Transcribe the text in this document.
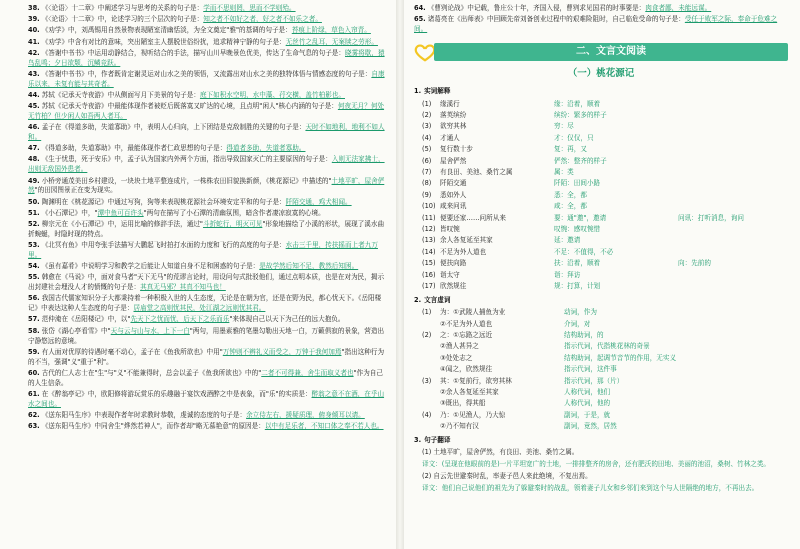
38. 《〈论语〉十二章》中阐述学习与思考的关系的句子是：学而不思则罔，思而不学则殆。

39. 《〈论语〉十二章》中，论述学习的三个层次的句子是：知之者不如好之者，好之者不如乐之者。

40. 《劝学》中，刘禹锡用自然景物表现陋室清幽恬淡，为全文奠定"雅"的基调的句子是：苔痕上阶绿，草色入帘青。

41. 《劝学》中含有对比的意味，突出陋室主人摆脱世俗纷扰，追求精神宁静的句子是：无丝竹之乱耳，无案牍之劳形。

42. 《答谢中书书》中运用动静结合，视听结合的手法，描写山川早晚景色优美，传达了生命气息的句子是：晓雾将歇，猿鸟乱鸣；夕日欲颓，沉鳞竞跃。

43. 《答谢中书书》中，作者既肯定谢灵运对山水之美的领悟，又流露出对山水之美的独特体悟与情感态度的句子是：自康乐以来，未复有能与其奇者。

44. 苏轼《记承天寺夜游》中从侧面写月下美景的句子是：庭下如积水空明，水中藻、荇交横，盖竹柏影也。

45. 苏轼《记承天寺夜游》中最能体现作者被贬后既落寞又旷达的心境，且点明"闲人"核心内涵的句子是：何夜无月？何处无竹柏？但少闲人如吾两人者耳。

46. 孟子在《得道多助，失道寡助》中，表明人心归向，上下团结是克敌制胜的关键的句子是：天时不如地利，地利不如人和。

47. 《得道多助，失道寡助》中，最能体现作者仁政思想的句子是：得道者多助，失道者寡助。

48. 《生于忧患，死于安乐》中，孟子认为国家内外两个方面，指出导致国家灭亡的主要原因的句子是：入则无法家拂士，出则无敌国外患者。

49. 小桥旁通茂美田乡村建设，一块块土地平整连成片，一株株农田旧貌换新颜，《桃花源记》中描述的"土地平旷，屋舍俨然"的田园图景正在变为现实。

50. 陶渊明在《桃花源记》中通过写狗，狗等来表现桃花源社会环境安定平和的句子是：阡陌交通，鸡犬相闻。

51. 《小石潭记》中，"潭中鱼可百许头"两句在描写了小石潭的清幽氛围，暗含作者凄凉寂寞的心境。

52. 柳宗元在《小石潭记》中，运用比喻的修辞手法，通过"斗折蛇行，明灭可见"形象地描绘了小溪的形状，展现了溪水曲折蜿蜒，时隐时现的特点。

53. 《北冥有鱼》中用夸张手法描写大鹏起飞时拍打水面的力度和飞行的高度的句子是：水击三千里，抟扶摇而上者九万里。

54. 《虽有嘉肴》中说明学习和教学之后能让人知道自身不足和困惑的句子是：是故学然后知不足，教然后知困。

55. 韩愈在《马说》中，面对食马者"天下无马"的荒谬言论时，用设问句式批驳他们，通过点明本质，也是在对为民，揭示出封建社会埋没人才的愤慨的句子是：其真无马邪？其真不知马也！

56. 我国古代儒家知识分子大都秉持着一种积极入世的人生态度，无论是在朝为官，还是在野为民，都心忧天下。《岳阳楼记》中表达这种人生态度的句子是：居庙堂之高则忧其民，处江湖之远则忧其君。

57. 范仲淹在《岳阳楼记》中，以"先天下之忧而忧，后天下之乐而乐"来体现自己以天下为己任的远大抱负。

58. 张岱《湖心亭看雪》中"天与云与山与水，上下一白"两句，用墨素雅的笔墨勾勒出天地一白，万籁俱寂的景象，营造出宁静悠远的意境。

59. 有人面对优厚的待遇时毫不动心，孟子在《鱼我所欲也》中用"万钟则不辨礼义而受之，万钟于我何加焉"指出这种行为的不当，强调"义"重于"利"。

60. 古代的仁人志士在"生"与"义"不能兼得时，总会以孟子《鱼我所欲也》中的"二者不可得兼，舍生而取义者也"作为自己的人生信条。

61. 在《醉翁亭记》中，欧阳修将游玩赏乐的乐趣融于宴饮戏酒醉之中是表象，而"乐"的实质是：醉翁之意不在酒，在乎山水之间也。

62. 《送东阳马生序》中表现作者年时求教时恭敬，虔诚的态度的句子是：余立侍左右，援疑质理，俯身倾耳以请。

63. 《送东阳马生序》中同舍生"烨然若神人"，而作者却"略无慕艳意"的原因是：以中有足乐者，不知口体之奉不若人也。

64. 《曹刿论战》中记载，鲁庄公十年，齐国入侵，曹刿求见国君的时事要是：肉食者鄙，未能远谋。

65. 诸葛亮在《出师表》中回顾先帝刘备创业过程中的艰难险阻时，自己临危受命的句子是：受任于败军之际，奉命于危难之间。

二、文言文阅读
（一）桃花源记
1. 实词解释
(1) 缘溪行	缘：沿着，顺着	
(2) 落英缤纷	缤纷：繁多的样子	
(3) 欲穷其林	穷：尽	
(4) 才通人	才：仅仅，只	
(5) 复行数十步	复：再，又	
(6) 屋舍俨然	俨然：整齐的样子	
(7) 有良田、美池、桑竹之属	属：类	
(8) 阡陌交通	阡陌：田间小路	
(9) 悉如外人	悉：全，都	
(10) 咸来问讯	咸：全，都	
(11) 便要还家……问所从来	要：通"邀"，邀请	问讯：打听消息，询问
(12) 皆叹惋	叹惋：感叹惋惜	
(13) 余人各复延至其家	延：邀请	
(14) 不足为外人道也	不足：不值得，不必	
(15) 便扶向路	扶：沿着，顺着	向：先前的
(16) 诣太守	诣：拜访	
(17) 欣然规往	规：打算，计划	
2. 文言虚词
(1) 为：①武陵人捕鱼为业	动词，作为
②不足为外人道也	介词，对
(2) 之：①忘路之远近	结构助词，的
②渔人甚异之	指示代词，代指桃花林的奇景
③处处志之	结构助词，起调节音节的作用，无实义
④闻之，欣然规往	指示代词，这件事
(3) 其：①复前行，欲穷其林	指示代词，那（片）
②余人各复延至其家	人称代词，他们
③既出，得其船	人称代词，他的
(4) 乃：①见渔人，乃大惊	副词，于是，就
②乃不知有汉	副词，竟然，居然
3. 句子翻译
(1) 土地平旷，屋舍俨然，有良田、美池、桑竹之属。
译文：(呈现在他眼前的是)一片平坦宽广的土地，一排排整齐的房舍，还有肥沃的田地、美丽的池沼，桑树、竹林之类。
(2) 自云先世避秦时乱，率妻子邑人来此绝境，不复出焉。
译文：他们自己说他们的祖先为了躲避秦时的战乱，领着妻子儿女和乡邻们来到这个与人世隔绝的地方，不再出去。
